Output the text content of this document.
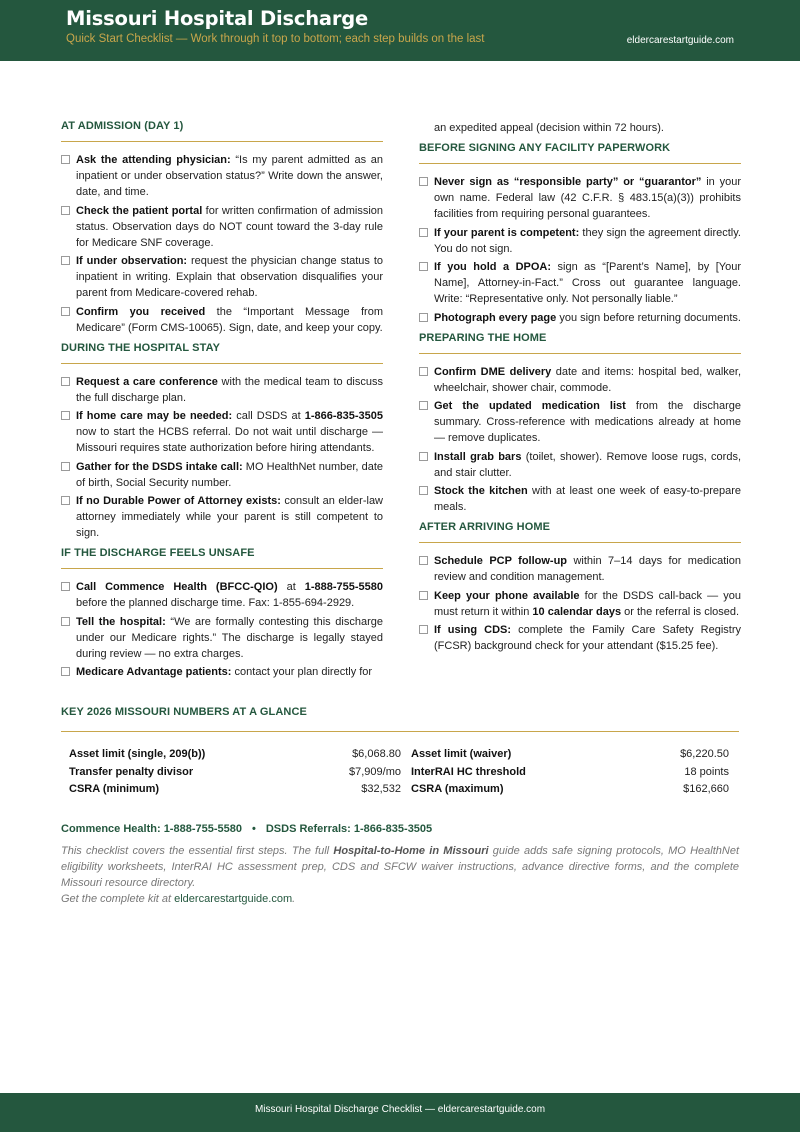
Missouri Hospital Discharge
Quick Start Checklist — Work through it top to bottom; each step builds on the last	eldercarestartguide.com
AT ADMISSION (DAY 1)
Ask the attending physician: “Is my parent admitted as an inpatient or under observation status?” Write down the answer, date, and time.
Check the patient portal for written confirmation of admission status. Observation days do NOT count toward the 3-day rule for Medicare SNF coverage.
If under observation: request the physician change status to inpatient in writing. Explain that observation disqualifies your parent from Medicare-covered rehab.
Confirm you received the “Important Message from Medicare” (Form CMS-10065). Sign, date, and keep your copy.
DURING THE HOSPITAL STAY
Request a care conference with the medical team to discuss the full discharge plan.
If home care may be needed: call DSDS at 1-866-835-3505 now to start the HCBS referral. Do not wait until discharge — Missouri requires state authorization before hiring attendants.
Gather for the DSDS intake call: MO HealthNet number, date of birth, Social Security number.
If no Durable Power of Attorney exists: consult an elder-law attorney immediately while your parent is still competent to sign.
IF THE DISCHARGE FEELS UNSAFE
Call Commence Health (BFCC-QIO) at 1-888-755-5580 before the planned discharge time. Fax: 1-855-694-2929.
Tell the hospital: “We are formally contesting this discharge under our Medicare rights.” The discharge is legally stayed during review — no extra charges.
Medicare Advantage patients: contact your plan directly for
an expedited appeal (decision within 72 hours).
BEFORE SIGNING ANY FACILITY PAPERWORK
Never sign as “responsible party” or “guarantor” in your own name. Federal law (42 C.F.R. § 483.15(a)(3)) prohibits facilities from requiring personal guarantees.
If your parent is competent: they sign the agreement directly. You do not sign.
If you hold a DPOA: sign as “[Parent’s Name], by [Your Name], Attorney-in-Fact.” Cross out guarantee language. Write: “Representative only. Not personally liable.”
Photograph every page you sign before returning documents.
PREPARING THE HOME
Confirm DME delivery date and items: hospital bed, walker, wheelchair, shower chair, commode.
Get the updated medication list from the discharge summary. Cross-reference with medications already at home — remove duplicates.
Install grab bars (toilet, shower). Remove loose rugs, cords, and stair clutter.
Stock the kitchen with at least one week of easy-to-prepare meals.
AFTER ARRIVING HOME
Schedule PCP follow-up within 7–14 days for medication review and condition management.
Keep your phone available for the DSDS call-back — you must return it within 10 calendar days or the referral is closed.
If using CDS: complete the Family Care Safety Registry (FCSR) background check for your attendant ($15.25 fee).
KEY 2026 MISSOURI NUMBERS AT A GLANCE
Asset limit (single, 209(b))	$6,068.80 Asset limit (waiver)	$6,220.50
Transfer penalty divisor	$7,909/mo InterRAI HC threshold	18 points
CSRA (minimum)	$32,532 CSRA (maximum)	$162,660
Commence Health: 1-888-755-5580 • DSDS Referrals: 1-866-835-3505
This checklist covers the essential first steps. The full Hospital-to-Home in Missouri guide adds safe signing protocols, MO HealthNet eligibility worksheets, InterRAI HC assessment prep, CDS and SFCW waiver instructions, advance directive forms, and the complete Missouri resource directory.
Get the complete kit at eldercarestartguide.com.
Missouri Hospital Discharge Checklist — eldercarestartguide.com
